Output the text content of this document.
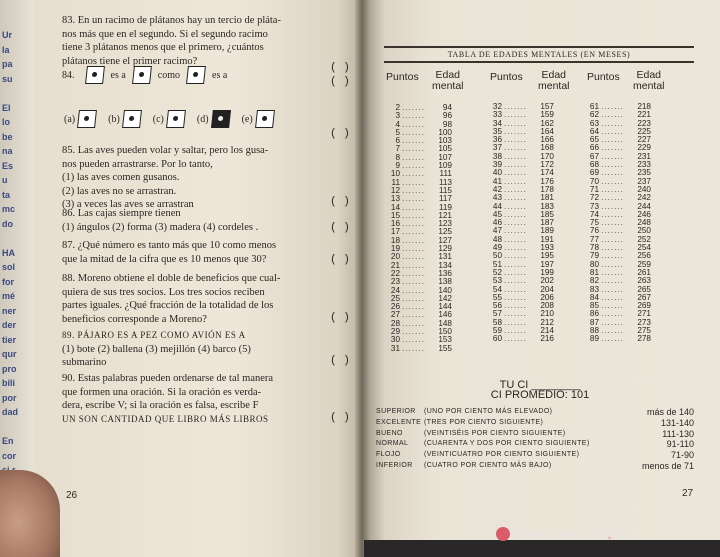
Ur
la
pa
su
El
lo
be
na
Es
u
ta
mc
do
HA
sol
for
mé
ner
der
tier
qur
pro
bili
por
dad
En
cor
83. En un racimo de plátanos hay un tercio de pláta-
nos más que en el segundo. Si el segundo racimo
tiene 3 plátanos menos que el primero, ¿cuántos
plátanos tiene el primer racimo?
( )
84.	es a	como	es a
( )
(a)	(b)	(c)	(d)	(e)
( )
85. Las aves pueden volar y saltar, pero los gusa-
nos pueden arrastrarse. Por lo tanto,
(1) las aves comen gusanos.
(2) las aves no se arrastran.
(3) a veces las aves se arrastran	( )
86. Las cajas siempre tienen
(1) ángulos (2) forma (3) madera (4) cordeles .	( )
87. ¿Qué número es tanto más que 10 como menos
que la mitad de la cifra que es 10 menos que 30?	( )
88. Moreno obtiene el doble de beneficios que cual-
quiera de sus tres socios. Los tres socios reciben
partes iguales. ¿Qué fracción de la totalidad de los
beneficios corresponde a Moreno?	( )
89. PÁJARO ES A PEZ COMO AVIÓN ES A
(1) bote (2) ballena (3) mejillón (4) barco (5)
submarino	( )
90. Estas palabras pueden ordenarse de tal manera
que formen una oración. Si la oración es verda-
dera, escribe V; si la oración es falsa, escribe F
UN SON CANTIDAD QUE LIBRO MÁS LIBROS	( )
26
TABLA DE EDADES MENTALES (EN MESES)
Puntos	Edad
mental
Puntos	Edad
mental
Puntos	Edad
mental
2 .......	94
3 .......	96
4 .......	98
5 .......	100
6 .......	103
7 .......	105
8 .......	107
9 .......	109
10 .......	111
11 .......	113
12 .......	115
13 .......	117
14 .......	119
15 .......	121
16 .......	123
17 .......	125
18 .......	127
19 .......	129
20 .......	131
21 .......	134
22 .......	136
23 .......	138
24 .......	140
25 .......	142
26 .......	144
27 .......	146
28 .......	148
29 .......	150
30 .......	153
31 .......	155
32 .......	157
33 .......	159
34 .......	162
35 .......	164
36 .......	166
37 .......	168
38 .......	170
39 .......	172
40 .......	174
41 .......	176
42 .......	178
43 .......	181
44 .......	183
45 .......	185
46 .......	187
47 .......	189
48 .......	191
49 .......	193
50 .......	195
51 .......	197
52 .......	199
53 .......	202
54 .......	204
55 .......	206
56 .......	208
57 .......	210
58 .......	212
59 .......	214
60 .......	216
61 .......	218
62 .......	221
63 .......	223
64 .......	225
65 .......	227
66 .......	229
67 .......	231
68 .......	233
69 .......	235
70 .......	237
71 .......	240
72 .......	242
73 .......	244
74 .......	246
75 .......	248
76 .......	250
77 .......	252
78 .......	254
79 .......	256
80 .......	259
81 .......	261
82 .......	263
83 .......	265
84 .......	267
85 .......	269
86 .......	271
87 .......	273
88 .......	275
89 .......	278
TU CI ________
CI PROMEDIO: 101
SUPERIOR	(UNO POR CIENTO MÁS ELEVADO)	más de 140
EXCELENTE (TRES POR CIENTO SIGUIENTE)	131-140
BUENO	(VEINTISÉIS POR CIENTO SIGUIENTE)	111-130
NORMAL	(CUARENTA Y DOS POR CIENTO SIGUIENTE)	91-110
FLOJO	(VEINTICUATRO POR CIENTO SIGUIENTE)	71-90
INFERIOR	(CUATRO POR CIENTO MÁS BAJO)	menos de 71
27
todocoleccion.net
